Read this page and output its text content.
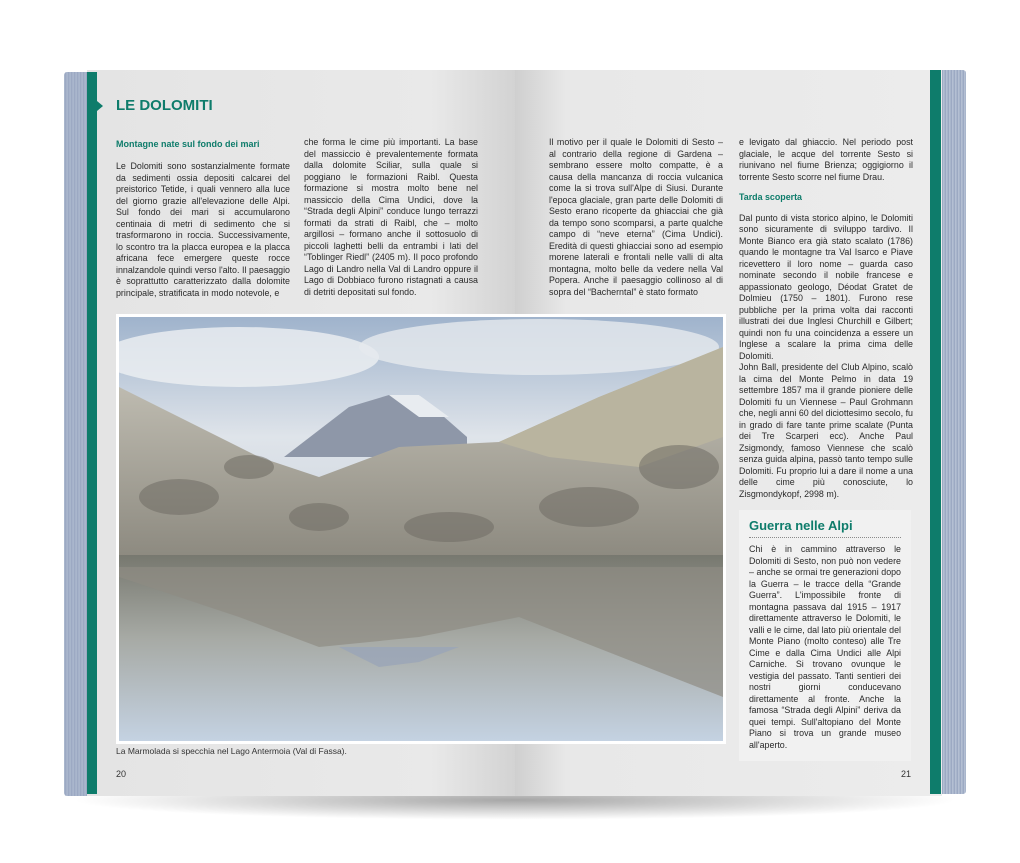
LE DOLOMITI
Montagne nate sul fondo dei mari

Le Dolomiti sono sostanzialmente formate da sedimenti ossia depositi calcarei del preistorico Tetide, i quali vennero alla luce del giorno grazie all'elevazione delle Alpi. Sul fondo dei mari si accumularono centinaia di metri di sedimento che si trasformarono in roccia. Successivamente, lo scontro tra la placca europea e la placca africana fece emergere queste rocce innalzandole quindi verso l'alto. Il paesaggio è soprattutto caratterizzato dalla dolomite principale, stratificata in modo notevole, e

che forma le cime più importanti. La base del massiccio è prevalentemente formata dalla dolomite Sciliar, sulla quale si poggiano le formazioni Raibl. Questa formazione si mostra molto bene nel massiccio della Cima Undici, dove la “Strada degli Alpini” conduce lungo terrazzi formati da strati di Raibl, che – molto argillosi – formano anche il sottosuolo di piccoli laghetti belli da entrambi i lati del “Toblinger Riedl” (2405 m). Il poco profondo Lago di Landro nella Val di Landro oppure il Lago di Dobbiaco furono ristagnati a causa di detriti depositati sul fondo.

Il motivo per il quale le Dolomiti di Sesto – al contrario della regione di Gardena – sembrano essere molto compatte, è a causa della mancanza di roccia vulcanica come la si trova sull'Alpe di Siusi. Durante l'epoca glaciale, gran parte delle Dolomiti di Sesto erano ricoperte da ghiacciai che già da tempo sono scomparsi, a parte qualche campo di “neve eterna” (Cima Undici). Eredità di questi ghiacciai sono ad esempio morene laterali e frontali nelle valli di alta montagna, molto belle da vedere nella Val Popera. Anche il paesaggio collinoso al di sopra del “Bacherntal” è stato formato

e levigato dal ghiaccio. Nel periodo post glaciale, le acque del torrente Sesto si riunivano nel fiume Brienza; oggigiorno il torrente Sesto scorre nel fiume Drau.

Tarda scoperta

Dal punto di vista storico alpino, le Dolomiti sono sicuramente di sviluppo tardivo. Il Monte Bianco era già stato scalato (1786) quando le montagne tra Val Isarco e Piave ricevettero il loro nome – guarda caso nominate secondo il nobile francese e appassionato geologo, Déodat Gratet de Dolmieu (1750 – 1801). Furono rese pubbliche per la prima volta dai racconti illustrati dei due Inglesi Churchill e Gilbert; quindi non fu una coincidenza a essere un Inglese a scalare la prima cima delle Dolomiti.

John Ball, presidente del Club Alpino, scalò la cima del Monte Pelmo in data 19 settembre 1857 ma il grande pioniere delle Dolomiti fu un Viennese – Paul Grohmann che, negli anni 60 del diciottesimo secolo, fu in grado di fare tante prime scalate (Punta dei Tre Scarperi ecc). Anche Paul Zsigmondy, famoso Viennese che scalò senza guida alpina, passò tanto tempo sulle Dolomiti. Fu proprio lui a dare il nome a una delle cime più conosciute, lo Zisgmondykopf, 2998 m).

Guerra nelle Alpi

Chi è in cammino attraverso le Dolomiti di Sesto, non può non vedere – anche se ormai tre generazioni dopo la Guerra – le tracce della “Grande Guerra”. L'impossibile fronte di montagna passava dal 1915 – 1917 direttamente attraverso le Dolomiti, le valli e le cime, dal lato più orientale del Monte Piano (molto conteso) alle Tre Cime e dalla Cima Undici alle Alpi Carniche. Si trovano ovunque le vestigia del passato. Tanti sentieri dei nostri giorni conducevano direttamente al fronte. Anche la famosa “Strada degli Alpini” deriva da quei tempi. Sull'altopiano del Monte Piano si trova un grande museo all'aperto.

La Marmolada si specchia nel Lago Antermoia (Val di Fassa).
20	21
